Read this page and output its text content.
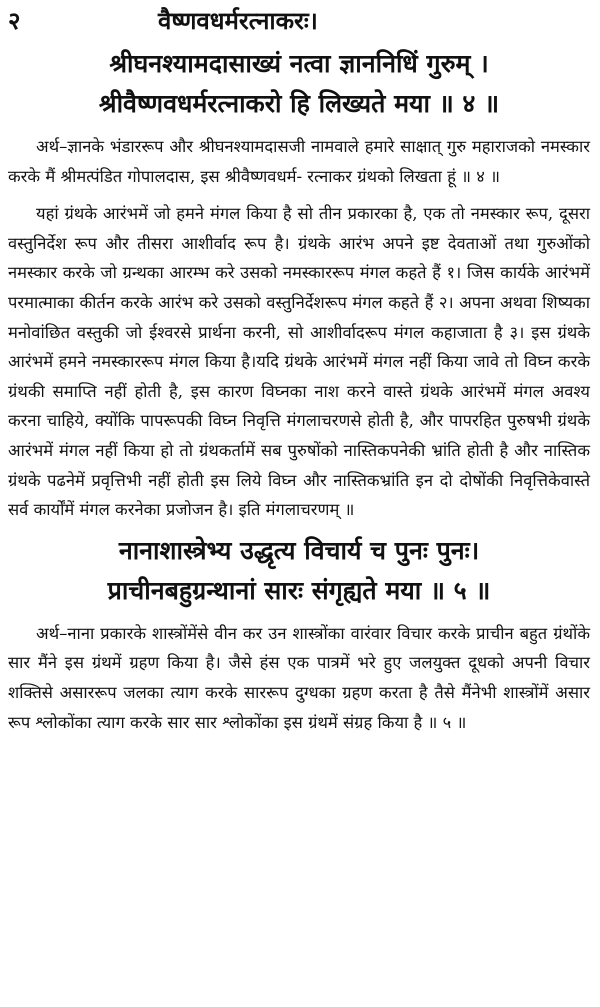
२	वैष्णवधर्मरत्नाकरः।
श्रीघनश्यामदासाख्यं नत्वा ज्ञाननिधिं गुरुम् ।
श्रीवैष्णवधर्मरत्नाकरो हि लिख्यते मया ॥ ४ ॥

अर्थ–ज्ञानके भंडाररूप और श्रीघनश्यामदासजी नामवाले हमारे साक्षात् गुरु महाराजको नमस्कार करके मैं श्रीमत्पंडित गोपालदास, इस श्रीवैष्णवधर्म- रत्नाकर ग्रंथको लिखता हूं ॥ ४ ॥

यहां ग्रंथके आरंभमें जो हमने मंगल किया है सो तीन प्रकारका है, एक तो नमस्कार रूप, दूसरा वस्तुनिर्देश रूप और तीसरा आशीर्वाद रूप है। ग्रंथके आरंभ अपने इष्ट देवताओं तथा गुरुओंको नमस्कार करके जो ग्रन्थका आरम्भ करे उसको नमस्काररूप मंगल कहते हैं १। जिस कार्यके आरंभमें परमात्माका कीर्तन करके आरंभ करे उसको वस्तुनिर्देशरूप मंगल कहते हैं २। अपना अथवा शिष्यका मनोवांछित वस्तुकी जो ईश्वरसे प्रार्थना करनी, सो आशीर्वादरूप मंगल कहाजाता है ३। इस ग्रंथके आरंभमें हमने नमस्काररूप मंगल किया है।यदि ग्रंथके आरंभमें मंगल नहीं किया जावे तो विघ्न करके ग्रंथकी समाप्ति नहीं होती है, इस कारण विघ्नका नाश करने वास्ते ग्रंथके आरंभमें मंगल अवश्य करना चाहिये, क्योंकि पापरूपकी विघ्न निवृत्ति मंगलाचरणसे होती है, और पापरहित पुरुषभी ग्रंथके आरंभमें मंगल नहीं किया हो तो ग्रंथकर्तामें सब पुरुषोंको नास्तिकपनेकी भ्रांति होती है और नास्तिक ग्रंथके पढनेमें प्रवृत्तिभी नहीं होती इस लिये विघ्न और नास्तिकभ्रांति इन दो दोषोंकी निवृत्तिकेवास्ते सर्व कार्योंमें मंगल करनेका प्रजोजन है। इति मंगलाचरणम् ॥

नानाशास्त्रेभ्य उद्धृत्य विचार्य च पुनः पुनः।
प्राचीनबहुग्रन्थानां सारः संगृह्यते मया ॥ ५ ॥

अर्थ–नाना प्रकारके शास्त्रोंमेंसे वीन कर उन शास्त्रोंका वारंवार विचार करके प्राचीन बहुत ग्रंथोंके सार मैंने इस ग्रंथमें ग्रहण किया है। जैसे हंस एक पात्रमें भरे हुए जलयुक्त दूधको अपनी विचार शक्तिसे असाररूप जलका त्याग करके साररूप दुग्धका ग्रहण करता है तैसे मैंनेभी शास्त्रोंमें असार रूप श्लोकोंका त्याग करके सार सार श्लोकोंका इस ग्रंथमें संग्रह किया है ॥ ५ ॥
